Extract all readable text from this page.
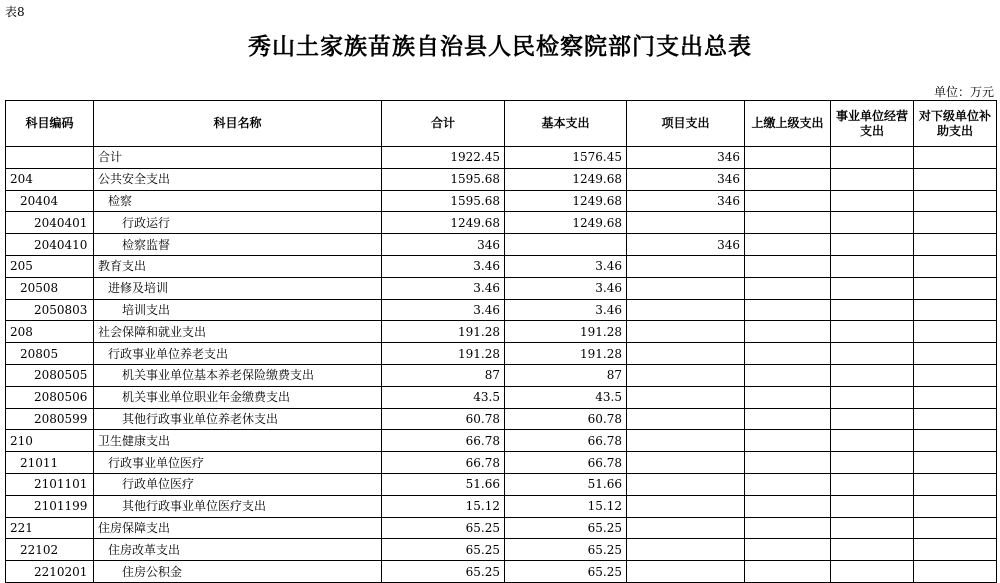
表8
秀山土家族苗族自治县人民检察院部门支出总表
单位：万元
科目编码	科目名称	合计	基本支出	项目支出	上缴上级支出	事业单位经营支出	对下级单位补助支出
	合计	1922.45	1576.45	346			
204	公共安全支出	1595.68	1249.68	346			
20404	检察	1595.68	1249.68	346			
2040401	行政运行	1249.68	1249.68				
2040410	检察监督	346		346			
205	教育支出	3.46	3.46				
20508	进修及培训	3.46	3.46				
2050803	培训支出	3.46	3.46				
208	社会保障和就业支出	191.28	191.28				
20805	行政事业单位养老支出	191.28	191.28				
2080505	机关事业单位基本养老保险缴费支出	87	87				
2080506	机关事业单位职业年金缴费支出	43.5	43.5				
2080599	其他行政事业单位养老休支出	60.78	60.78				
210	卫生健康支出	66.78	66.78				
21011	行政事业单位医疗	66.78	66.78				
2101101	行政单位医疗	51.66	51.66				
2101199	其他行政事业单位医疗支出	15.12	15.12				
221	住房保障支出	65.25	65.25				
22102	住房改革支出	65.25	65.25				
2210201	住房公积金	65.25	65.25				
